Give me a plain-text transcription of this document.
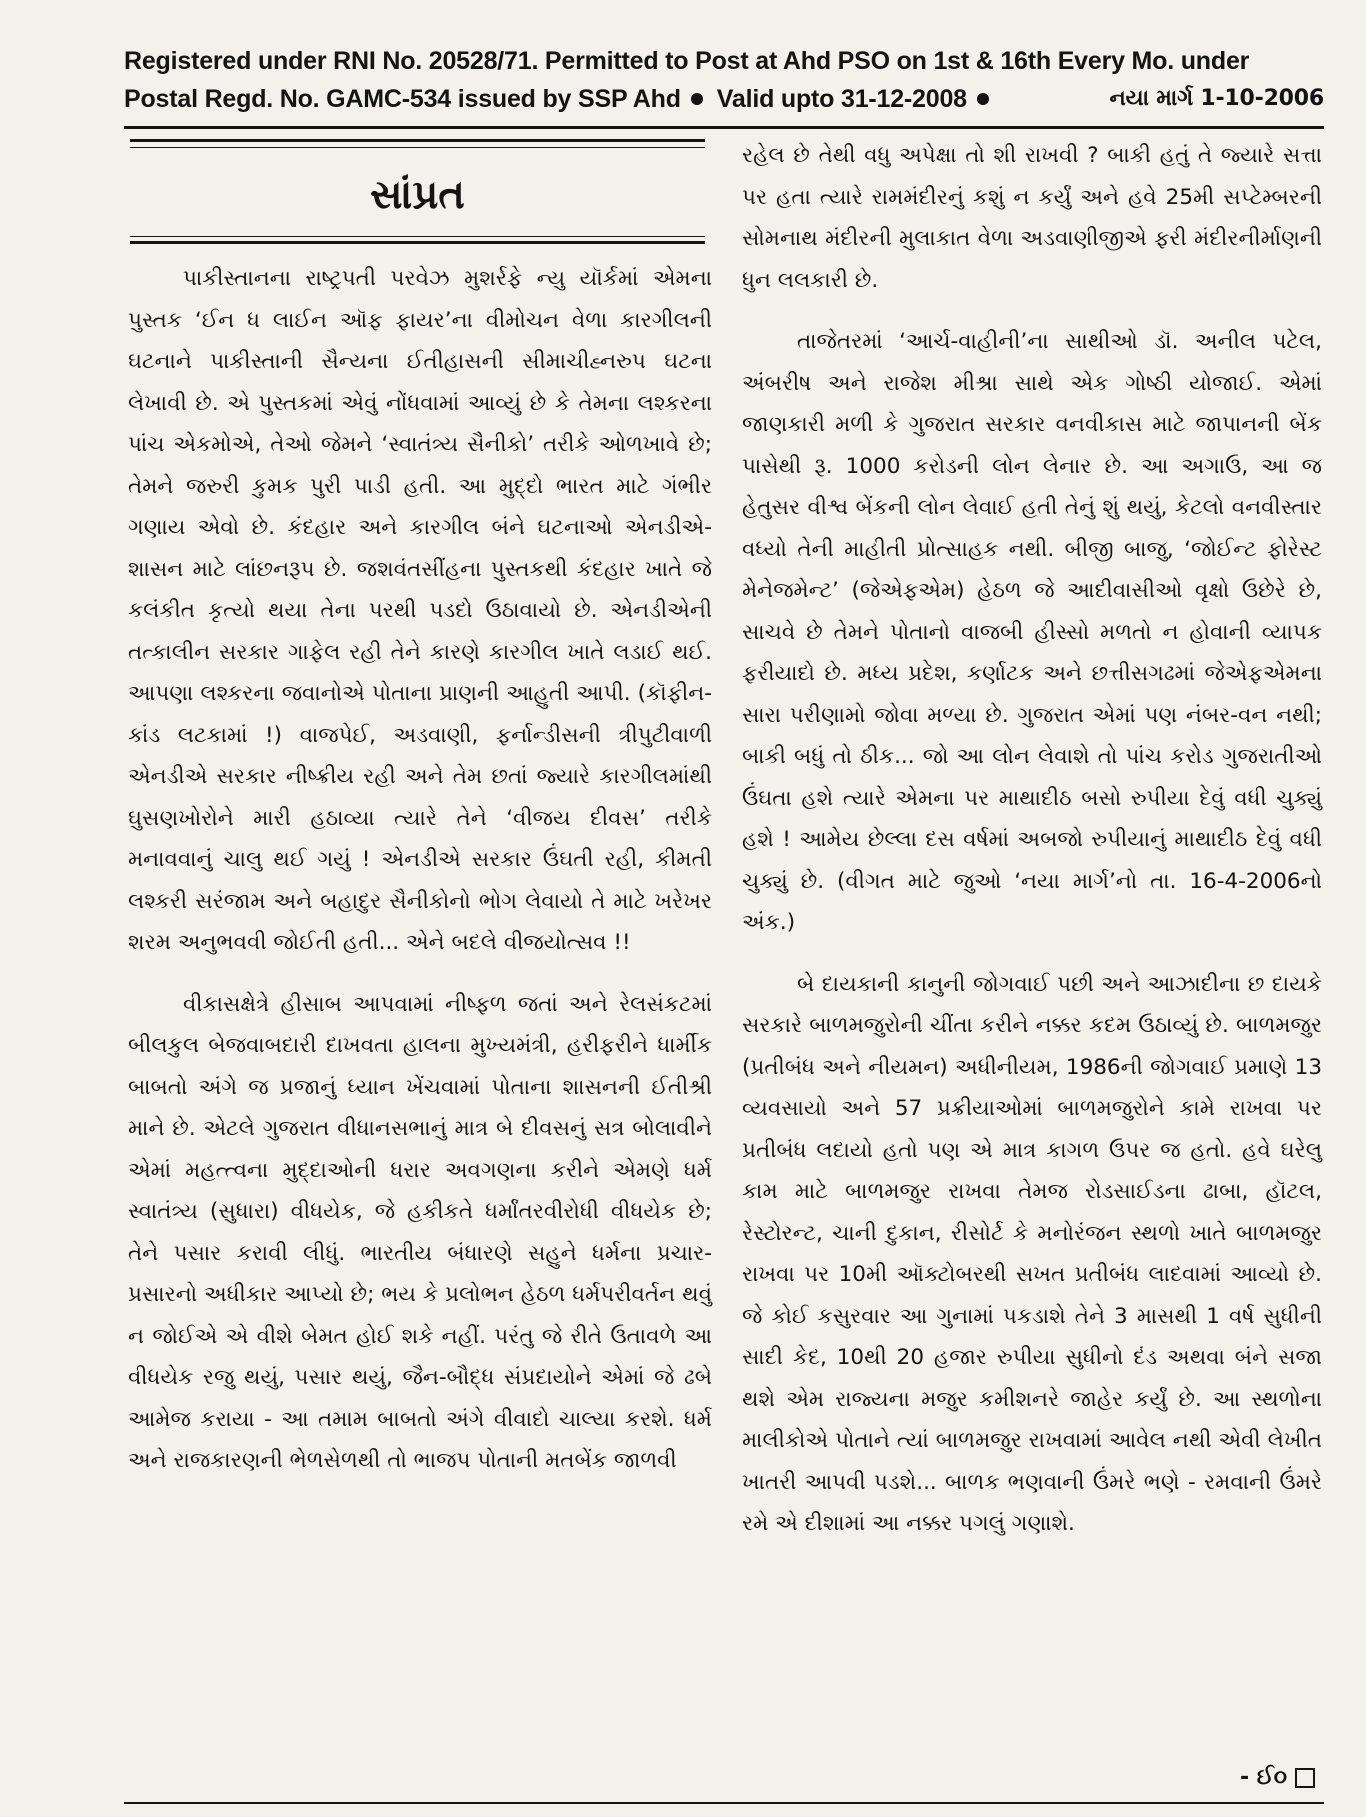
Registered under RNI No. 20528/71. Permitted to Post at Ahd PSO on 1st & 16th Every Mo. under
Postal Regd. No. GAMC-534 issued by SSP Ahd Valid upto 31-12-2008	નયા માર્ગ 1-10-2006
સાંપ્રત

પાકીસ્તાનના રાષ્ટ્રપતી પરવેઝ મુશર્રફે ન્યુ યૉર્કમાં એમના પુસ્તક ‘ઈન ધ લાઈન ઑફ ફાયર’ના વીમોચન વેળા કારગીલની ઘટનાને પાકીસ્તાની સૈન્યના ઈતીહાસની સીમાચીહ્નરુપ ઘટના લેખાવી છે. એ પુસ્તકમાં એવું નોંધવામાં આવ્યું છે કે તેમના લશ્કરના પાંચ એકમોએ, તેઓ જેમને ‘સ્વાતંત્ર્ય સૈનીકો’ તરીકે ઓળખાવે છે; તેમને જરુરી કુમક પુરી પાડી હતી. આ મુદ્દો ભારત માટે ગંભીર ગણાય એવો છે. કંદહાર અને કારગીલ બંને ઘટનાઓ એનડીએ-શાસન માટે લાંછનરૂપ છે. જશવંતસીંહના પુસ્તકથી કંદહાર ખાતે જે કલંકીત કૃત્યો થયા તેના પરથી પડદો ઉઠાવાયો છે. એનડીએની તત્કાલીન સરકાર ગાફેલ રહી તેને કારણે કારગીલ ખાતે લડાઈ થઈ. આપણા લશ્કરના જવાનોએ પોતાના પ્રાણની આહુતી આપી. (કૉફીન-કાંડ લટકામાં !) વાજપેઈ, અડવાણી, ફર્નાન્ડીસની ત્રીપુટીવાળી એનડીએ સરકાર નીષ્ક્રીય રહી અને તેમ છતાં જ્યારે કારગીલમાંથી ઘુસણખોરોને મારી હઠાવ્યા ત્યારે તેને ‘વીજય દીવસ’ તરીકે મનાવવાનું ચાલુ થઈ ગયું ! એનડીએ સરકાર ઉંઘતી રહી, કીમતી લશ્કરી સરંજામ અને બહાદુર સૈનીકોનો ભોગ લેવાયો તે માટે ખરેખર શરમ અનુભવવી જોઈતી હતી... એને બદલે વીજયોત્સવ !!

વીકાસક્ષેત્રે હીસાબ આપવામાં નીષ્ફળ જતાં અને રેલસંકટમાં બીલકુલ બેજવાબદારી દાખવતા હાલના મુખ્યમંત્રી, હરીફરીને ધાર્મીક બાબતો અંગે જ પ્રજાનું ધ્યાન ખેંચવામાં પોતાના શાસનની ઈતીશ્રી માને છે. એટલે ગુજરાત વીધાનસભાનું માત્ર બે દીવસનું સત્ર બોલાવીને એમાં મહત્ત્વના મુદ્દાઓની ધરાર અવગણના કરીને એમણે ધર્મ સ્વાતંત્ર્ય (સુધારા) વીધયેક, જે હકીકતે ધર્માંતરવીરોધી વીધયેક છે; તેને પસાર કરાવી લીધું. ભારતીય બંધારણે સહુને ધર્મના પ્રચાર-પ્રસારનો અધીકાર આપ્યો છે; ભય કે પ્રલોભન હેઠળ ધર્મપરીવર્તન થવું ન જોઈએ એ વીશે બેમત હોઈ શકે નહીં. પરંતુ જે રીતે ઉતાવળે આ વીધયેક રજુ થયું, પસાર થયું, જૈન-બૌદ્ધ સંપ્રદાયોને એમાં જે ઢબે આમેજ કરાયા - આ તમામ બાબતો અંગે વીવાદો ચાલ્યા કરશે. ધર્મ અને રાજકારણની ભેળસેળથી તો ભાજપ પોતાની મતબેંક જાળવી

રહેલ છે તેથી વધુ અપેક્ષા તો શી રાખવી ? બાકી હતું તે જ્યારે સત્તા પર હતા ત્યારે રામમંદીરનું કશું ન કર્યું અને હવે 25મી સપ્ટેમ્બરની સોમનાથ મંદીરની મુલાકાત વેળા અડવાણીજીએ ફરી મંદીરનીર્માણની ધુન લલકારી છે.

તાજેતરમાં ‘આર્ચ-વાહીની’ના સાથીઓ ડૉ. અનીલ પટેલ, અંબરીષ અને રાજેશ મીશ્રા સાથે એક ગોષ્ઠી યોજાઈ. એમાં જાણકારી મળી કે ગુજરાત સરકાર વનવીકાસ માટે જાપાનની બેંક પાસેથી રૂ. 1000 કરોડની લોન લેનાર છે. આ અગાઉ, આ જ હેતુસર વીશ્વ બેંકની લોન લેવાઈ હતી તેનું શું થયું, કેટલો વનવીસ્તાર વધ્યો તેની માહીતી પ્રોત્સાહક નથી. બીજી બાજુ, ‘જોઈન્ટ ફોરેસ્ટ મેનેજમેન્ટ’ (જેએફએમ) હેઠળ જે આદીવાસીઓ વૃક્ષો ઉછેરે છે, સાચવે છે તેમને પોતાનો વાજબી હીસ્સો મળતો ન હોવાની વ્યાપક ફરીયાદો છે. મધ્ય પ્રદેશ, કર્ણાટક અને છત્તીસગઢમાં જેએફએમના સારા પરીણામો જોવા મળ્યા છે. ગુજરાત એમાં પણ નંબર-વન નથી; બાકી બધું તો ઠીક... જો આ લોન લેવાશે તો પાંચ કરોડ ગુજરાતીઓ ઉંઘતા હશે ત્યારે એમના પર માથાદીઠ બસો રુપીયા દેવું વધી ચુક્યું હશે ! આમેય છેલ્લા દસ વર્ષમાં અબજો રુપીયાનું માથાદીઠ દેવું વધી ચુક્યું છે. (વીગત માટે જુઓ ‘નયા માર્ગ’નો તા. 16-4-2006નો અંક.)

બે દાયકાની કાનુની જોગવાઈ પછી અને આઝાદીના છ દાયકે સરકારે બાળમજુરોની ચીંતા કરીને નક્કર કદમ ઉઠાવ્યું છે. બાળમજુર (પ્રતીબંધ અને નીયમન) અધીનીયમ, 1986ની જોગવાઈ પ્રમાણે 13 વ્યવસાયો અને 57 પ્રક્રીયાઓમાં બાળમજુરોને કામે રાખવા પર પ્રતીબંધ લદાયો હતો પણ એ માત્ર કાગળ ઉપર જ હતો. હવે ઘરેલુ કામ માટે બાળમજુર રાખવા તેમજ રોડસાઈડના ઢાબા, હૉટલ, રેસ્ટોરન્ટ, ચાની દુકાન, રીસોર્ટ કે મનોરંજન સ્થળો ખાતે બાળમજુર રાખવા પર 10મી ઑક્ટોબરથી સખત પ્રતીબંધ લાદવામાં આવ્યો છે. જે કોઈ કસુરવાર આ ગુનામાં પકડાશે તેને 3 માસથી 1 વર્ષ સુધીની સાદી કેદ, 10થી 20 હજાર રુપીયા સુધીનો દંડ અથવા બંને સજા થશે એમ રાજ્યના મજુર કમીશનરે જાહેર કર્યું છે. આ સ્થળોના માલીકોએ પોતાને ત્યાં બાળમજુર રાખવામાં આવેલ નથી એવી લેખીત ખાતરી આપવી પડશે... બાળક ભણવાની ઉંમરે ભણે - રમવાની ઉંમરે રમે એ દીશામાં આ નક્કર પગલું ગણાશે.

- ઈ૦
